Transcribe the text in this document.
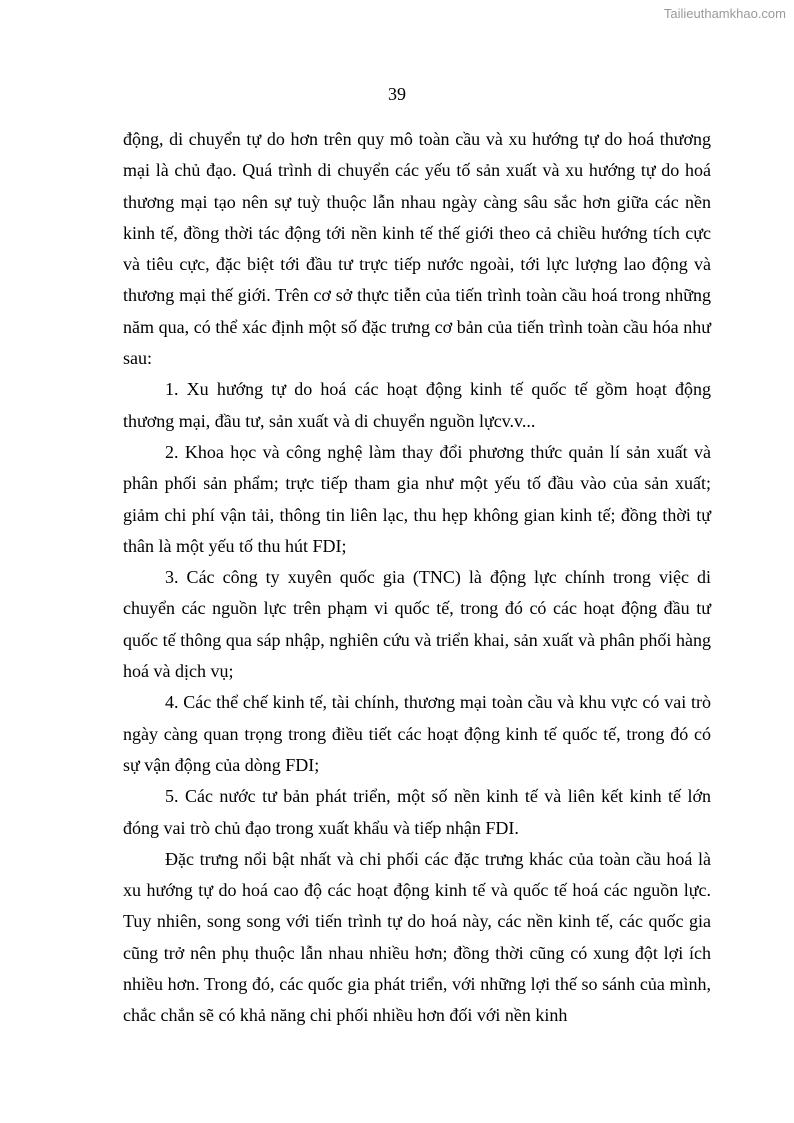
Tailieuthamkhao.com
39

động, di chuyển tự do hơn trên quy mô toàn cầu và xu hướng tự do hoá thương mại là chủ đạo. Quá trình di chuyển các yếu tố sản xuất và xu hướng tự do hoá thương mại tạo nên sự tuỳ thuộc lẫn nhau ngày càng sâu sắc hơn giữa các nền kinh tế, đồng thời tác động tới nền kinh tế thế giới theo cả chiều hướng tích cực và tiêu cực, đặc biệt tới đầu tư trực tiếp nước ngoài, tới lực lượng lao động và thương mại thế giới. Trên cơ sở thực tiễn của tiến trình toàn cầu hoá trong những năm qua, có thể xác định một số đặc trưng cơ bản của tiến trình toàn cầu hóa như sau:

1. Xu hướng tự do hoá các hoạt động kinh tế quốc tế gồm hoạt động thương mại, đầu tư, sản xuất và di chuyển nguồn lựcv.v...

2. Khoa học và công nghệ làm thay đổi phương thức quản lí sản xuất và phân phối sản phẩm; trực tiếp tham gia như một yếu tố đầu vào của sản xuất; giảm chi phí vận tải, thông tin liên lạc, thu hẹp không gian kinh tế; đồng thời tự thân là một yếu tố thu hút FDI;

3. Các công ty xuyên quốc gia (TNC) là động lực chính trong việc di chuyển các nguồn lực trên phạm vi quốc tế, trong đó có các hoạt động đầu tư quốc tế thông qua sáp nhập, nghiên cứu và triển khai, sản xuất và phân phối hàng hoá và dịch vụ;

4. Các thể chế kinh tế, tài chính, thương mại toàn cầu và khu vực có vai trò ngày càng quan trọng trong điều tiết các hoạt động kinh tế quốc tế, trong đó có sự vận động của dòng FDI;

5. Các nước tư bản phát triển, một số nền kinh tế và liên kết kinh tế lớn đóng vai trò chủ đạo trong xuất khẩu và tiếp nhận FDI.

Đặc trưng nổi bật nhất và chi phối các đặc trưng khác của toàn cầu hoá là xu hướng tự do hoá cao độ các hoạt động kinh tế và quốc tế hoá các nguồn lực. Tuy nhiên, song song với tiến trình tự do hoá này, các nền kinh tế, các quốc gia cũng trở nên phụ thuộc lẫn nhau nhiều hơn; đồng thời cũng có xung đột lợi ích nhiều hơn. Trong đó, các quốc gia phát triển, với những lợi thế so sánh của mình, chắc chắn sẽ có khả năng chi phối nhiều hơn đối với nền kinh
